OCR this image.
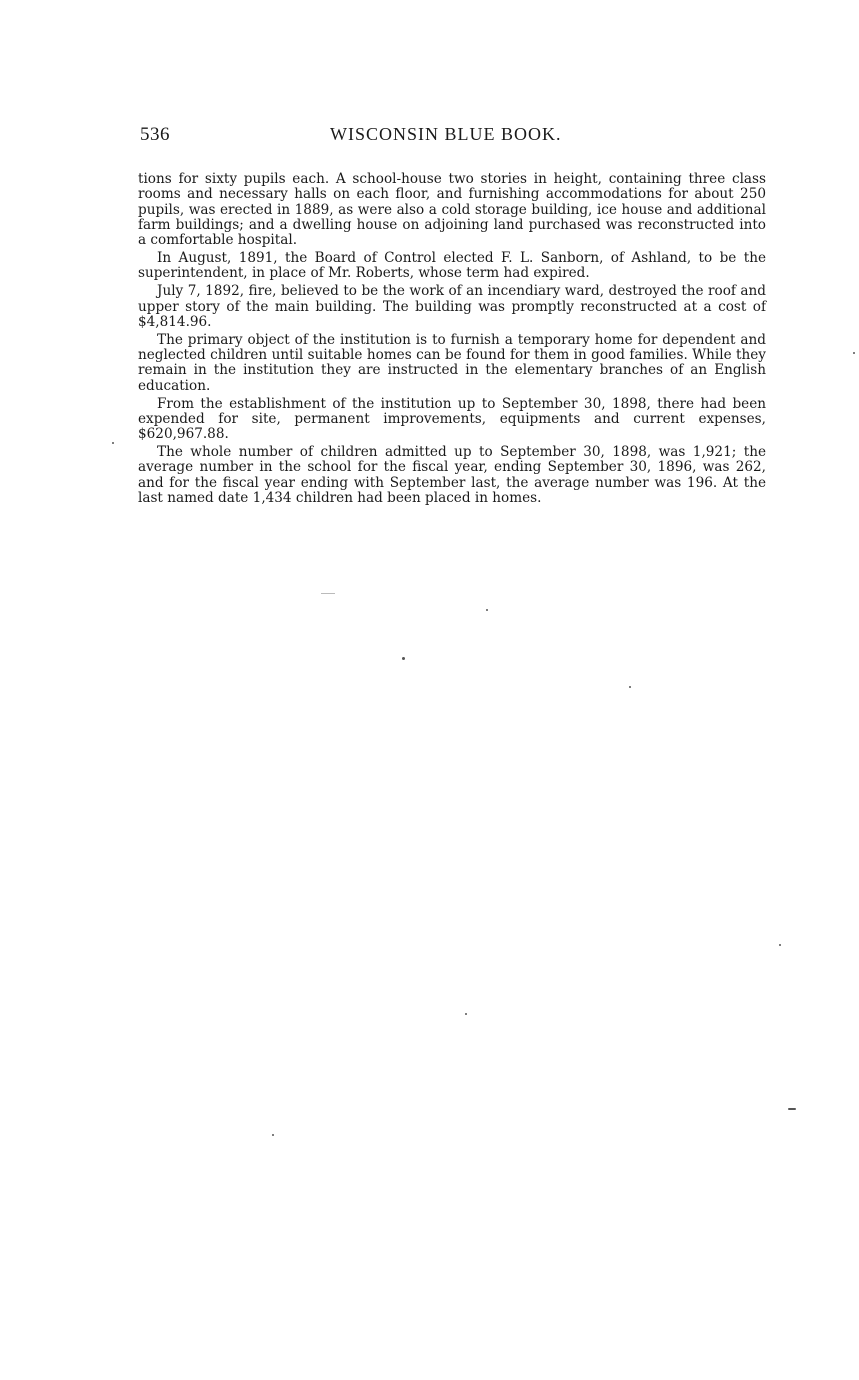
536	WISCONSIN BLUE BOOK.

tions for sixty pupils each. A school-house two stories in height, containing three class rooms and necessary halls on each floor, and furnishing accommodations for about 250 pupils, was erected in 1889, as were also a cold storage building, ice house and additional farm buildings; and a dwelling house on adjoining land purchased was reconstructed into a comfortable hospital.

In August, 1891, the Board of Control elected F. L. Sanborn, of Ashland, to be the superintendent, in place of Mr. Roberts, whose term had expired.

July 7, 1892, fire, believed to be the work of an incendiary ward, destroyed the roof and upper story of the main building. The building was promptly reconstructed at a cost of $4,814.96.

The primary object of the institution is to furnish a temporary home for dependent and neglected children until suitable homes can be found for them in good families. While they remain in the institution they are instructed in the elementary branches of an English education.

From the establishment of the institution up to September 30, 1898, there had been expended for site, permanent improvements, equipments and current expenses, $620,967.88.

The whole number of children admitted up to September 30, 1898, was 1,921; the average number in the school for the fiscal year, ending September 30, 1896, was 262, and for the fiscal year ending with September last, the average number was 196. At the last named date 1,434 children had been placed in homes.
